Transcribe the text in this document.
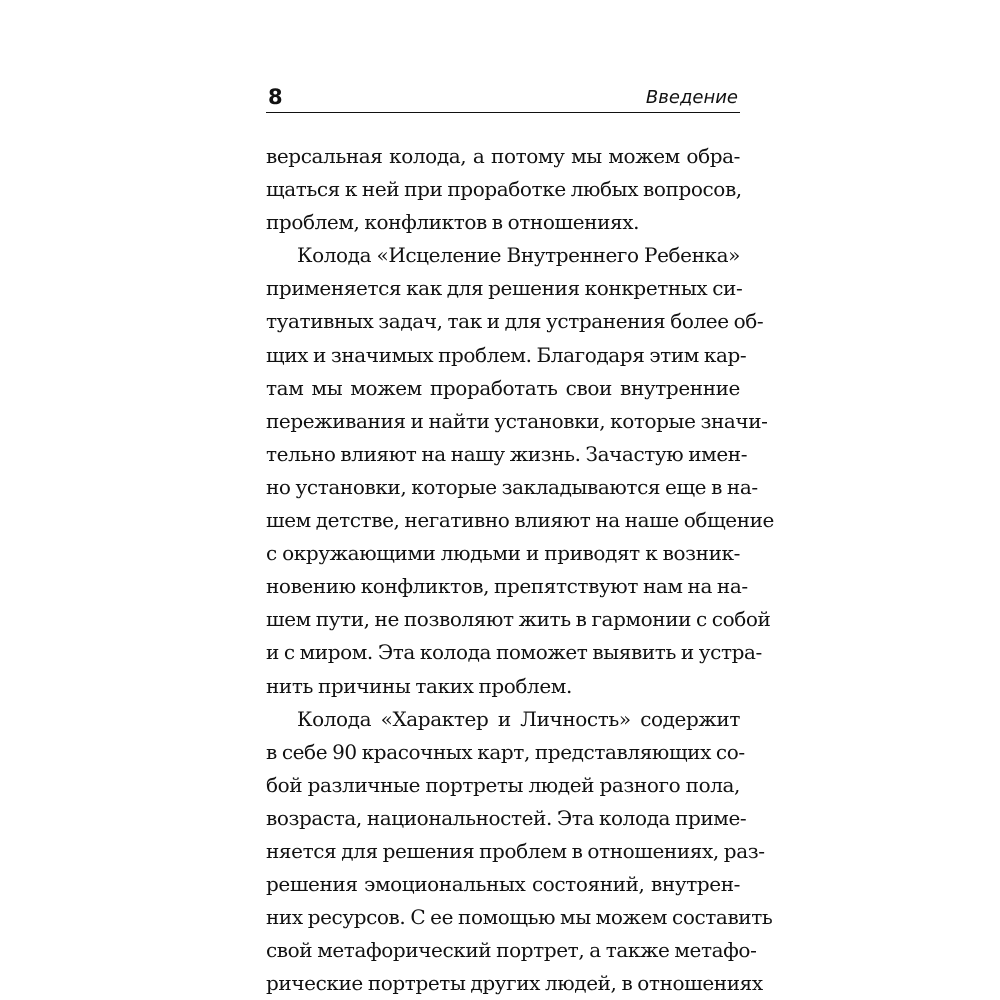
8	Введение
версальная колода, а потому мы можем обра-
щаться к ней при проработке любых вопросов,
проблем, конфликтов в отношениях.
Колода «Исцеление Внутреннего Ребенка»
применяется как для решения конкретных си-
туативных задач, так и для устранения более об-
щих и значимых проблем. Благодаря этим кар-
там мы можем проработать свои внутренние
переживания и найти установки, которые значи-
тельно влияют на нашу жизнь. Зачастую имен-
но установки, которые закладываются еще в на-
шем детстве, негативно влияют на наше общение
с окружающими людьми и приводят к возник-
новению конфликтов, препятствуют нам на на-
шем пути, не позволяют жить в гармонии с собой
и с миром. Эта колода поможет выявить и устра-
нить причины таких проблем.
Колода «Характер и Личность» содержит
в себе 90 красочных карт, представляющих со-
бой различные портреты людей разного пола,
возраста, национальностей. Эта колода приме-
няется для решения проблем в отношениях, раз-
решения эмоциональных состояний, внутрен-
них ресурсов. С ее помощью мы можем составить
свой метафорический портрет, а также метафо-
рические портреты других людей, в отношениях
